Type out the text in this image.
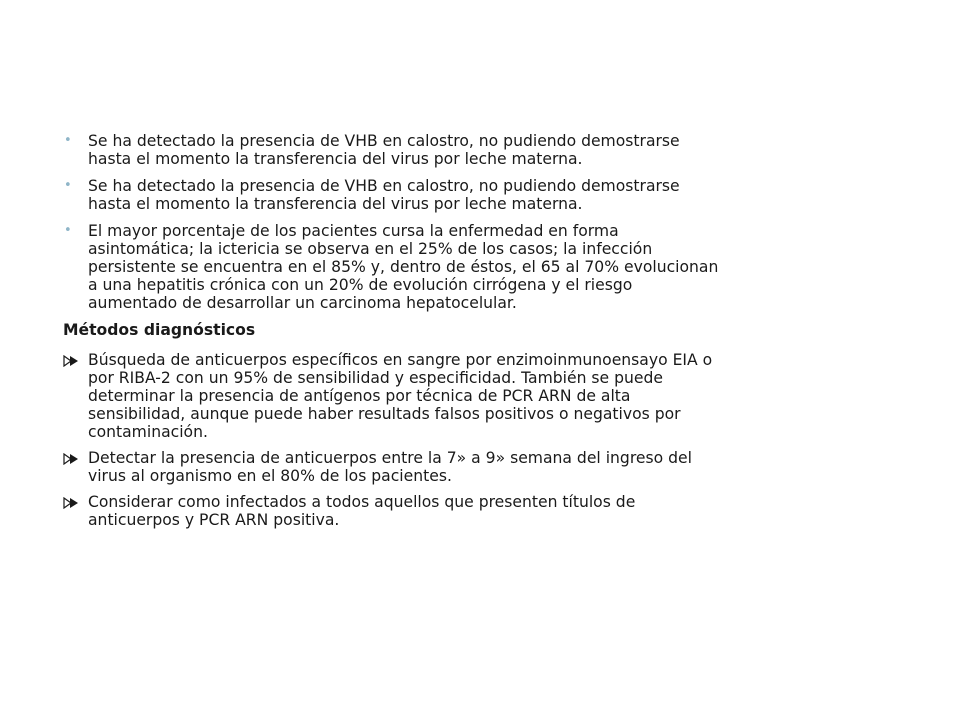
• Se ha detectado la presencia de VHB en calostro, no pudiendo demostrarse hasta el momento la transferencia del virus por leche materna.
• Se ha detectado la presencia de VHB en calostro, no pudiendo demostrarse hasta el momento la transferencia del virus por leche materna.
• El mayor porcentaje de los pacientes cursa la enfermedad en forma asintomática; la ictericia se observa en el 25% de los casos; la infección persistente se encuentra en el 85% y, dentro de éstos, el 65 al 70% evolucionan a una hepatitis crónica con un 20% de evolución cirrógena y el riesgo aumentado de desarrollar un carcinoma hepatocelular.
Métodos diagnósticos
Búsqueda de anticuerpos específicos en sangre por enzimoinmunoensayo EIA o por RIBA-2 con un 95% de sensibilidad y especificidad. También se puede determinar la presencia de antígenos por técnica de PCR ARN de alta sensibilidad, aunque puede haber resultads falsos positivos o negativos por contaminación.
Detectar la presencia de anticuerpos entre la 7» a 9» semana del ingreso del virus al organismo en el 80% de los pacientes.
Considerar como infectados a todos aquellos que presenten títulos de anticuerpos y PCR ARN positiva.
